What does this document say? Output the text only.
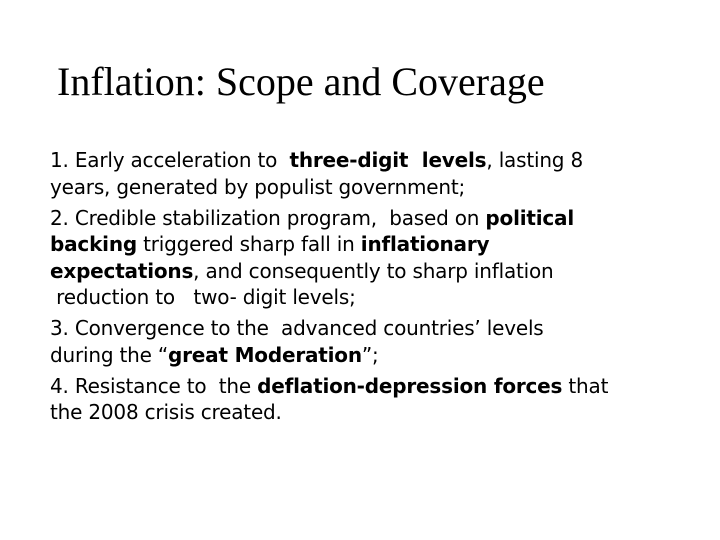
Inflation: Scope and Coverage
1. Early acceleration to  three-digit  levels, lasting 8
years, generated by populist government;
2. Credible stabilization program,  based on political
backing triggered sharp fall in inflationary
expectations, and consequently to sharp inflation
reduction to   two- digit levels;
3. Convergence to the  advanced countries’ levels
during the “great Moderation”;
4. Resistance to  the deflation-depression forces that
the 2008 crisis created.
